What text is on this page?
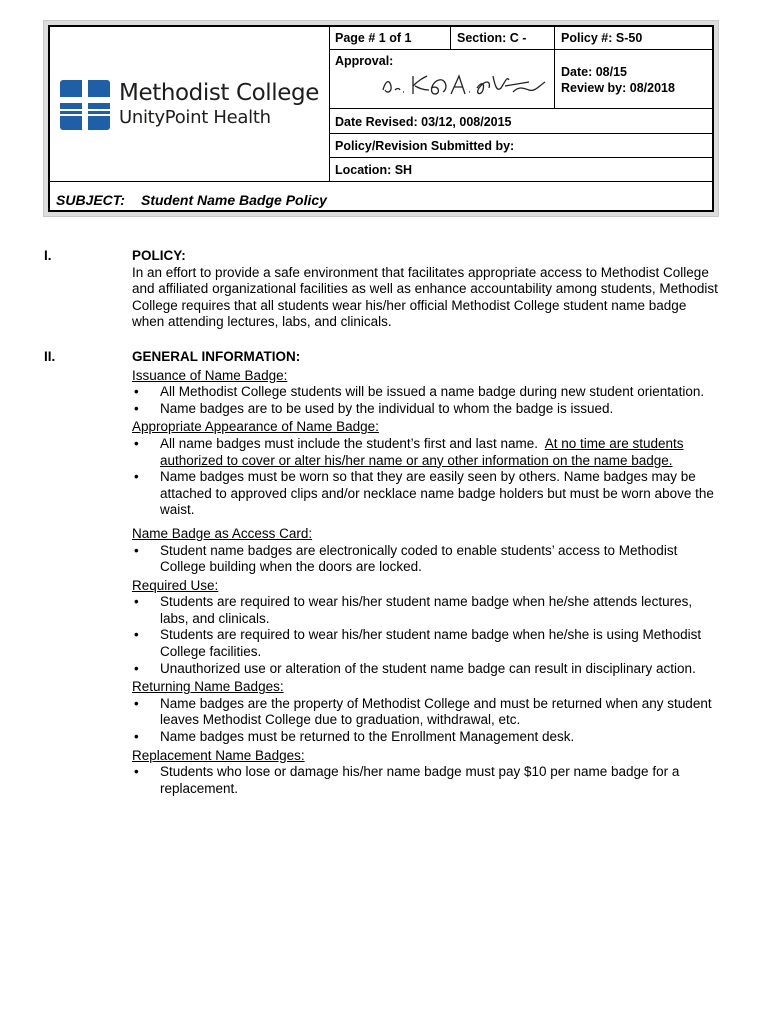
Methodist College
UnityPoint Health
Page # 1 of 1	Section: C -	Policy #: S-50
Approval:
Date: 08/15
Review by: 08/2018
Date Revised: 03/12, 008/2015
Policy/Revision Submitted by:
Location: SH
SUBJECT: Student Name Badge Policy
I.	POLICY:
In an effort to provide a safe environment that facilitates appropriate access to Methodist College and affiliated organizational facilities as well as enhance accountability among students, Methodist College requires that all students wear his/her official Methodist College student name badge when attending lectures, labs, and clinicals.
II.	GENERAL INFORMATION:
Issuance of Name Badge:
• All Methodist College students will be issued a name badge during new student orientation.
• Name badges are to be used by the individual to whom the badge is issued.
Appropriate Appearance of Name Badge:
• All name badges must include the student’s first and last name. At no time are students authorized to cover or alter his/her name or any other information on the name badge.
• Name badges must be worn so that they are easily seen by others. Name badges may be attached to approved clips and/or necklace name badge holders but must be worn above the waist.
Name Badge as Access Card:
• Student name badges are electronically coded to enable students’ access to Methodist College building when the doors are locked.
Required Use:
• Students are required to wear his/her student name badge when he/she attends lectures, labs, and clinicals.
• Students are required to wear his/her student name badge when he/she is using Methodist College facilities.
• Unauthorized use or alteration of the student name badge can result in disciplinary action.
Returning Name Badges:
• Name badges are the property of Methodist College and must be returned when any student leaves Methodist College due to graduation, withdrawal, etc.
• Name badges must be returned to the Enrollment Management desk.
Replacement Name Badges:
• Students who lose or damage his/her name badge must pay $10 per name badge for a replacement.
